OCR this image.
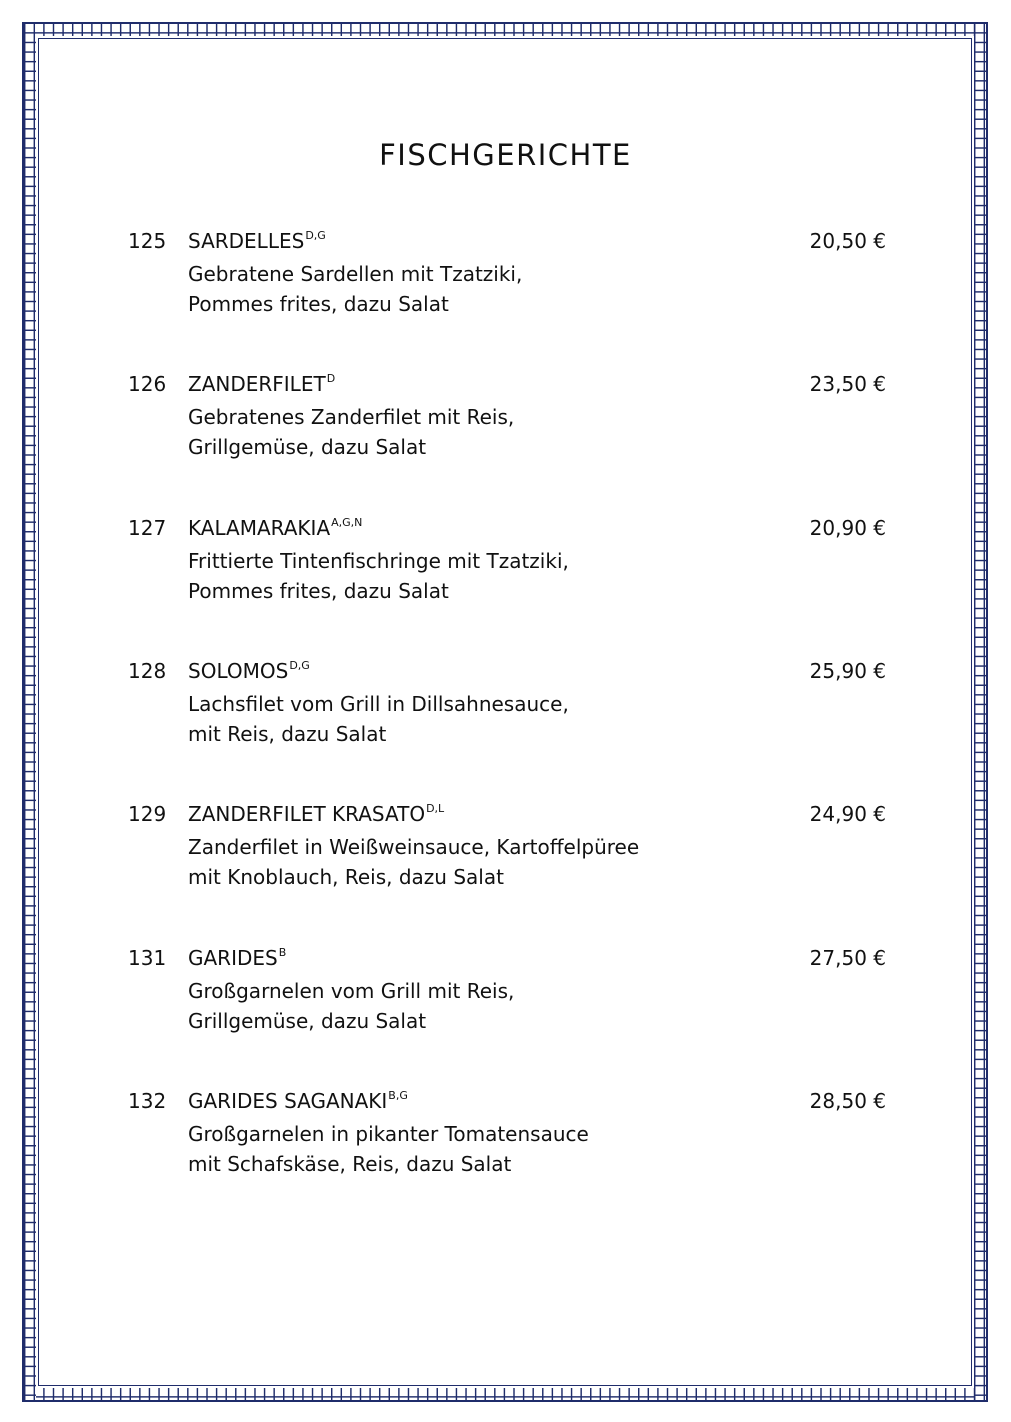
FISCHGERICHTE
125 $SARDELLES^{D,G}$	20,50 €
Gebratene Sardellen mit Tzatziki,
Pommes frites, dazu Salat
126 $ZANDERFILET^D$	23,50 €
Gebratenes Zanderfilet mit Reis,
Grillgemüse, dazu Salat
127 $KALAMARAKIA^{A,G,N}$	20,90 €
Frittierte Tintenfischringe mit Tzatziki,
Pommes frites, dazu Salat
128 $SOLOMOS^{D,G}$	25,90 €
Lachsfilet vom Grill in Dillsahnesauce,
mit Reis, dazu Salat
129 ZANDERFILET $KRASATO^{D,L}$	24,90 €
Zanderfilet in Weißweinsauce, Kartoffelpüree
mit Knoblauch, Reis, dazu Salat
131 $GARIDES^B$	27,50 €
Großgarnelen vom Grill mit Reis,
Grillgemüse, dazu Salat
132 GARIDES $SAGANAKI^{B,G}$	28,50 €
Großgarnelen in pikanter Tomatensauce
mit Schafskäse, Reis, dazu Salat
